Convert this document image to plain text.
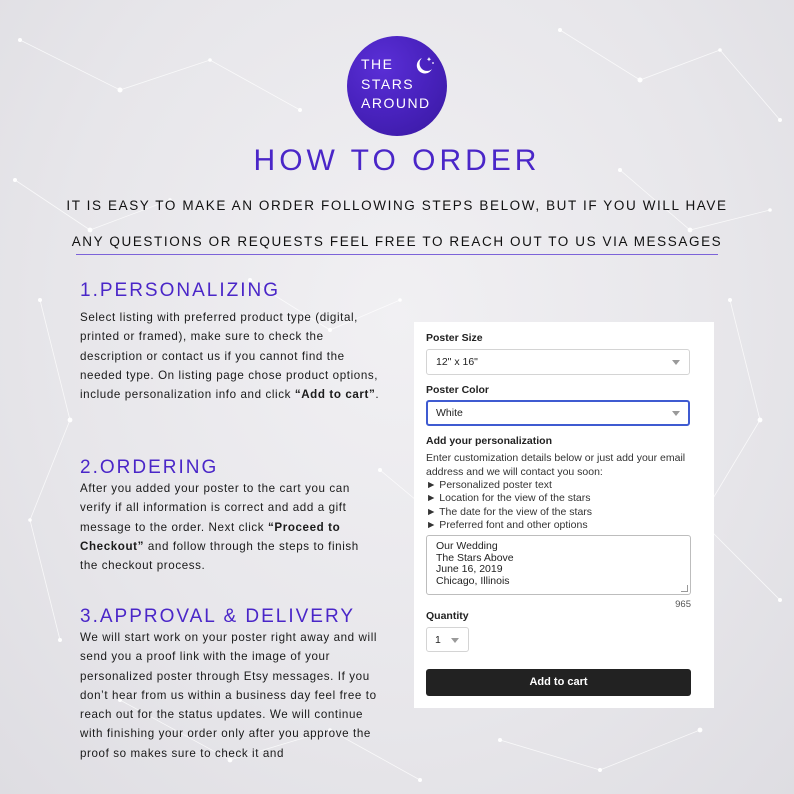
THE
STARS
AROUND
HOW TO ORDER
IT IS EASY TO MAKE AN ORDER FOLLOWING STEPS BELOW, BUT IF YOU WILL HAVE ANY QUESTIONS OR REQUESTS FEEL FREE TO REACH OUT TO US VIA MESSAGES
1.PERSONALIZING
Select listing with preferred product type (digital, printed or framed), make sure to check the description or contact us if you cannot find the needed type. On listing page chose product options, include personalization info and click “Add to cart”.
2.ORDERING
After you added your poster to the cart you can verify if all information is correct and add a gift message to the order. Next click “Proceed to Checkout” and follow through the steps to finish the checkout process.
3.APPROVAL & DELIVERY
We will start work on your poster right away and will send you a proof link with the image of your personalized poster through Etsy messages. If you don’t hear from us within a business day feel free to reach out for the status updates. We will continue with finishing your order only after you approve the proof so makes sure to check it and
Poster Size
12" x 16"
Poster Color
White
Add your personalization
Enter customization details below or just add your email address and we will contact you soon:
► Personalized poster text
► Location for the view of the stars
► The date for the view of the stars
► Preferred font and other options
Our Wedding
The Stars Above
June 16, 2019
Chicago, Illinois
965
Quantity
1
Add to cart
